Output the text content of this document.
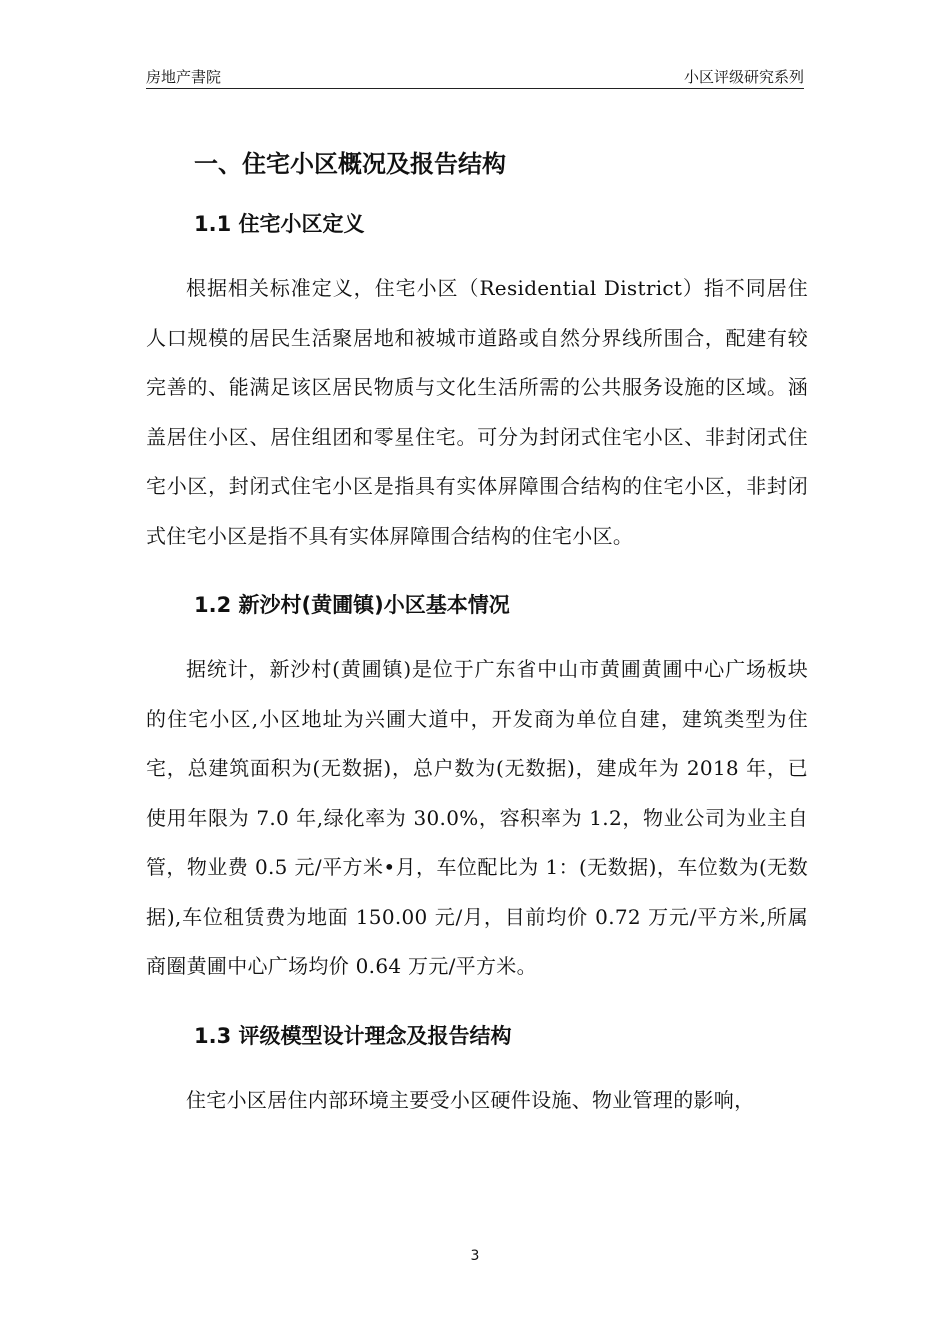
房地产書院	小区评级研究系列
一、住宅小区概况及报告结构
1.1 住宅小区定义

根据相关标准定义，住宅小区（Residential District）指不同居住人口规模的居民生活聚居地和被城市道路或自然分界线所围合，配建有较完善的、能满足该区居民物质与文化生活所需的公共服务设施的区域。涵盖居住小区、居住组团和零星住宅。可分为封闭式住宅小区、非封闭式住宅小区，封闭式住宅小区是指具有实体屏障围合结构的住宅小区，非封闭式住宅小区是指不具有实体屏障围合结构的住宅小区。

1.2 新沙村(黄圃镇)小区基本情况

据统计，新沙村(黄圃镇)是位于广东省中山市黄圃黄圃中心广场板块的住宅小区,小区地址为兴圃大道中，开发商为单位自建，建筑类型为住宅，总建筑面积为(无数据)，总户数为(无数据)，建成年为 2018 年，已使用年限为 7.0 年,绿化率为 30.0%，容积率为 1.2，物业公司为业主自管，物业费 0.5 元/平方米•月，车位配比为 1：(无数据)，车位数为(无数据),车位租赁费为地面 150.00 元/月，目前均价 0.72 万元/平方米,所属商圈黄圃中心广场均价 0.64 万元/平方米。

1.3 评级模型设计理念及报告结构

住宅小区居住内部环境主要受小区硬件设施、物业管理的影响，

3
